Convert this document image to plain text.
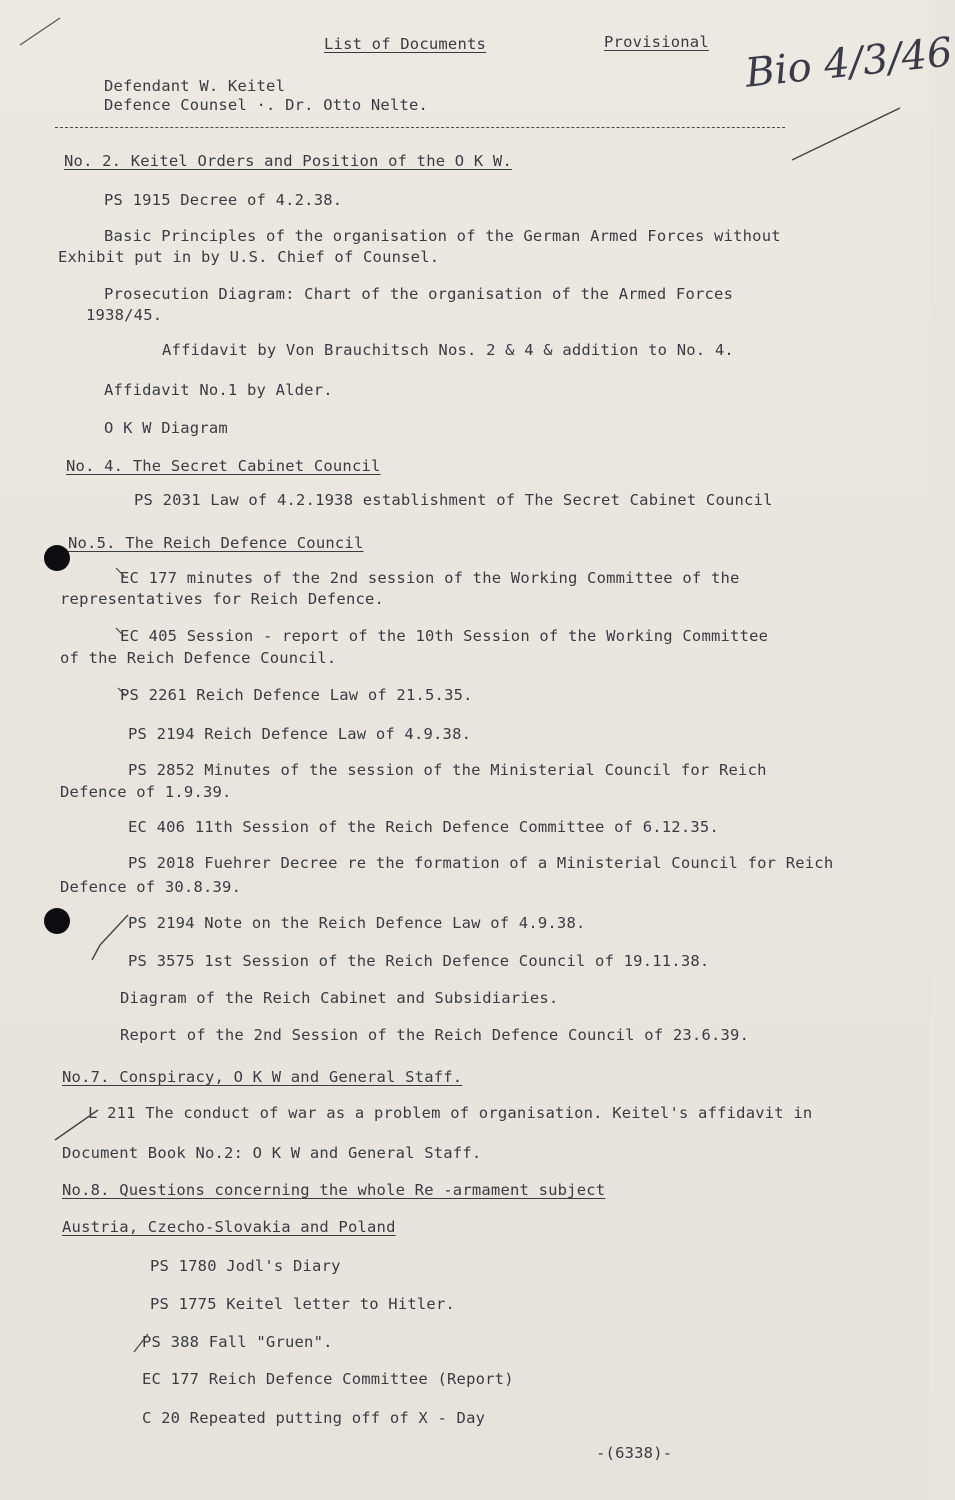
List of Documents	Provisional
Defendant W. Keitel
Defence Counsel ·. Dr. Otto Nelte.
Bio 4/3/46
No. 2. Keitel Orders and Position of the O K W.
PS 1915 Decree of 4.2.38.
Basic Principles of the organisation of the German Armed Forces without
Exhibit put in by U.S. Chief of Counsel.
Prosecution Diagram: Chart of the organisation of the Armed Forces
1938/45.
Affidavit by Von Brauchitsch Nos. 2 & 4 & addition to No. 4.
Affidavit No.1 by Alder.
O K W Diagram
No. 4. The Secret Cabinet Council
PS 2031 Law of 4.2.1938 establishment of The Secret Cabinet Council
No.5. The Reich Defence Council
EC 177 minutes of the 2nd session of the Working Committee of the
representatives for Reich Defence.
EC 405 Session - report of the 10th Session of the Working Committee
of the Reich Defence Council.
PS 2261 Reich Defence Law of 21.5.35.
PS 2194 Reich Defence Law of 4.9.38.
PS 2852 Minutes of the session of the Ministerial Council for Reich
Defence of 1.9.39.
EC 406 11th Session of the Reich Defence Committee of 6.12.35.
PS 2018 Fuehrer Decree re the formation of a Ministerial Council for Reich
Defence of 30.8.39.
PS 2194 Note on the Reich Defence Law of 4.9.38.
PS 3575 1st Session of the Reich Defence Council of 19.11.38.
Diagram of the Reich Cabinet and Subsidiaries.
Report of the 2nd Session of the Reich Defence Council of 23.6.39.
No.7. Conspiracy, O K W and General Staff.
L 211 The conduct of war as a problem of organisation. Keitel's affidavit in
Document Book No.2: O K W and General Staff.
No.8. Questions concerning the whole Re -armament subject
Austria, Czecho-Slovakia and Poland
PS 1780 Jodl's Diary
PS 1775 Keitel letter to Hitler.
PS 388 Fall "Gruen".
EC 177 Reich Defence Committee (Report)
C 20 Repeated putting off of X - Day
-(6338)-
